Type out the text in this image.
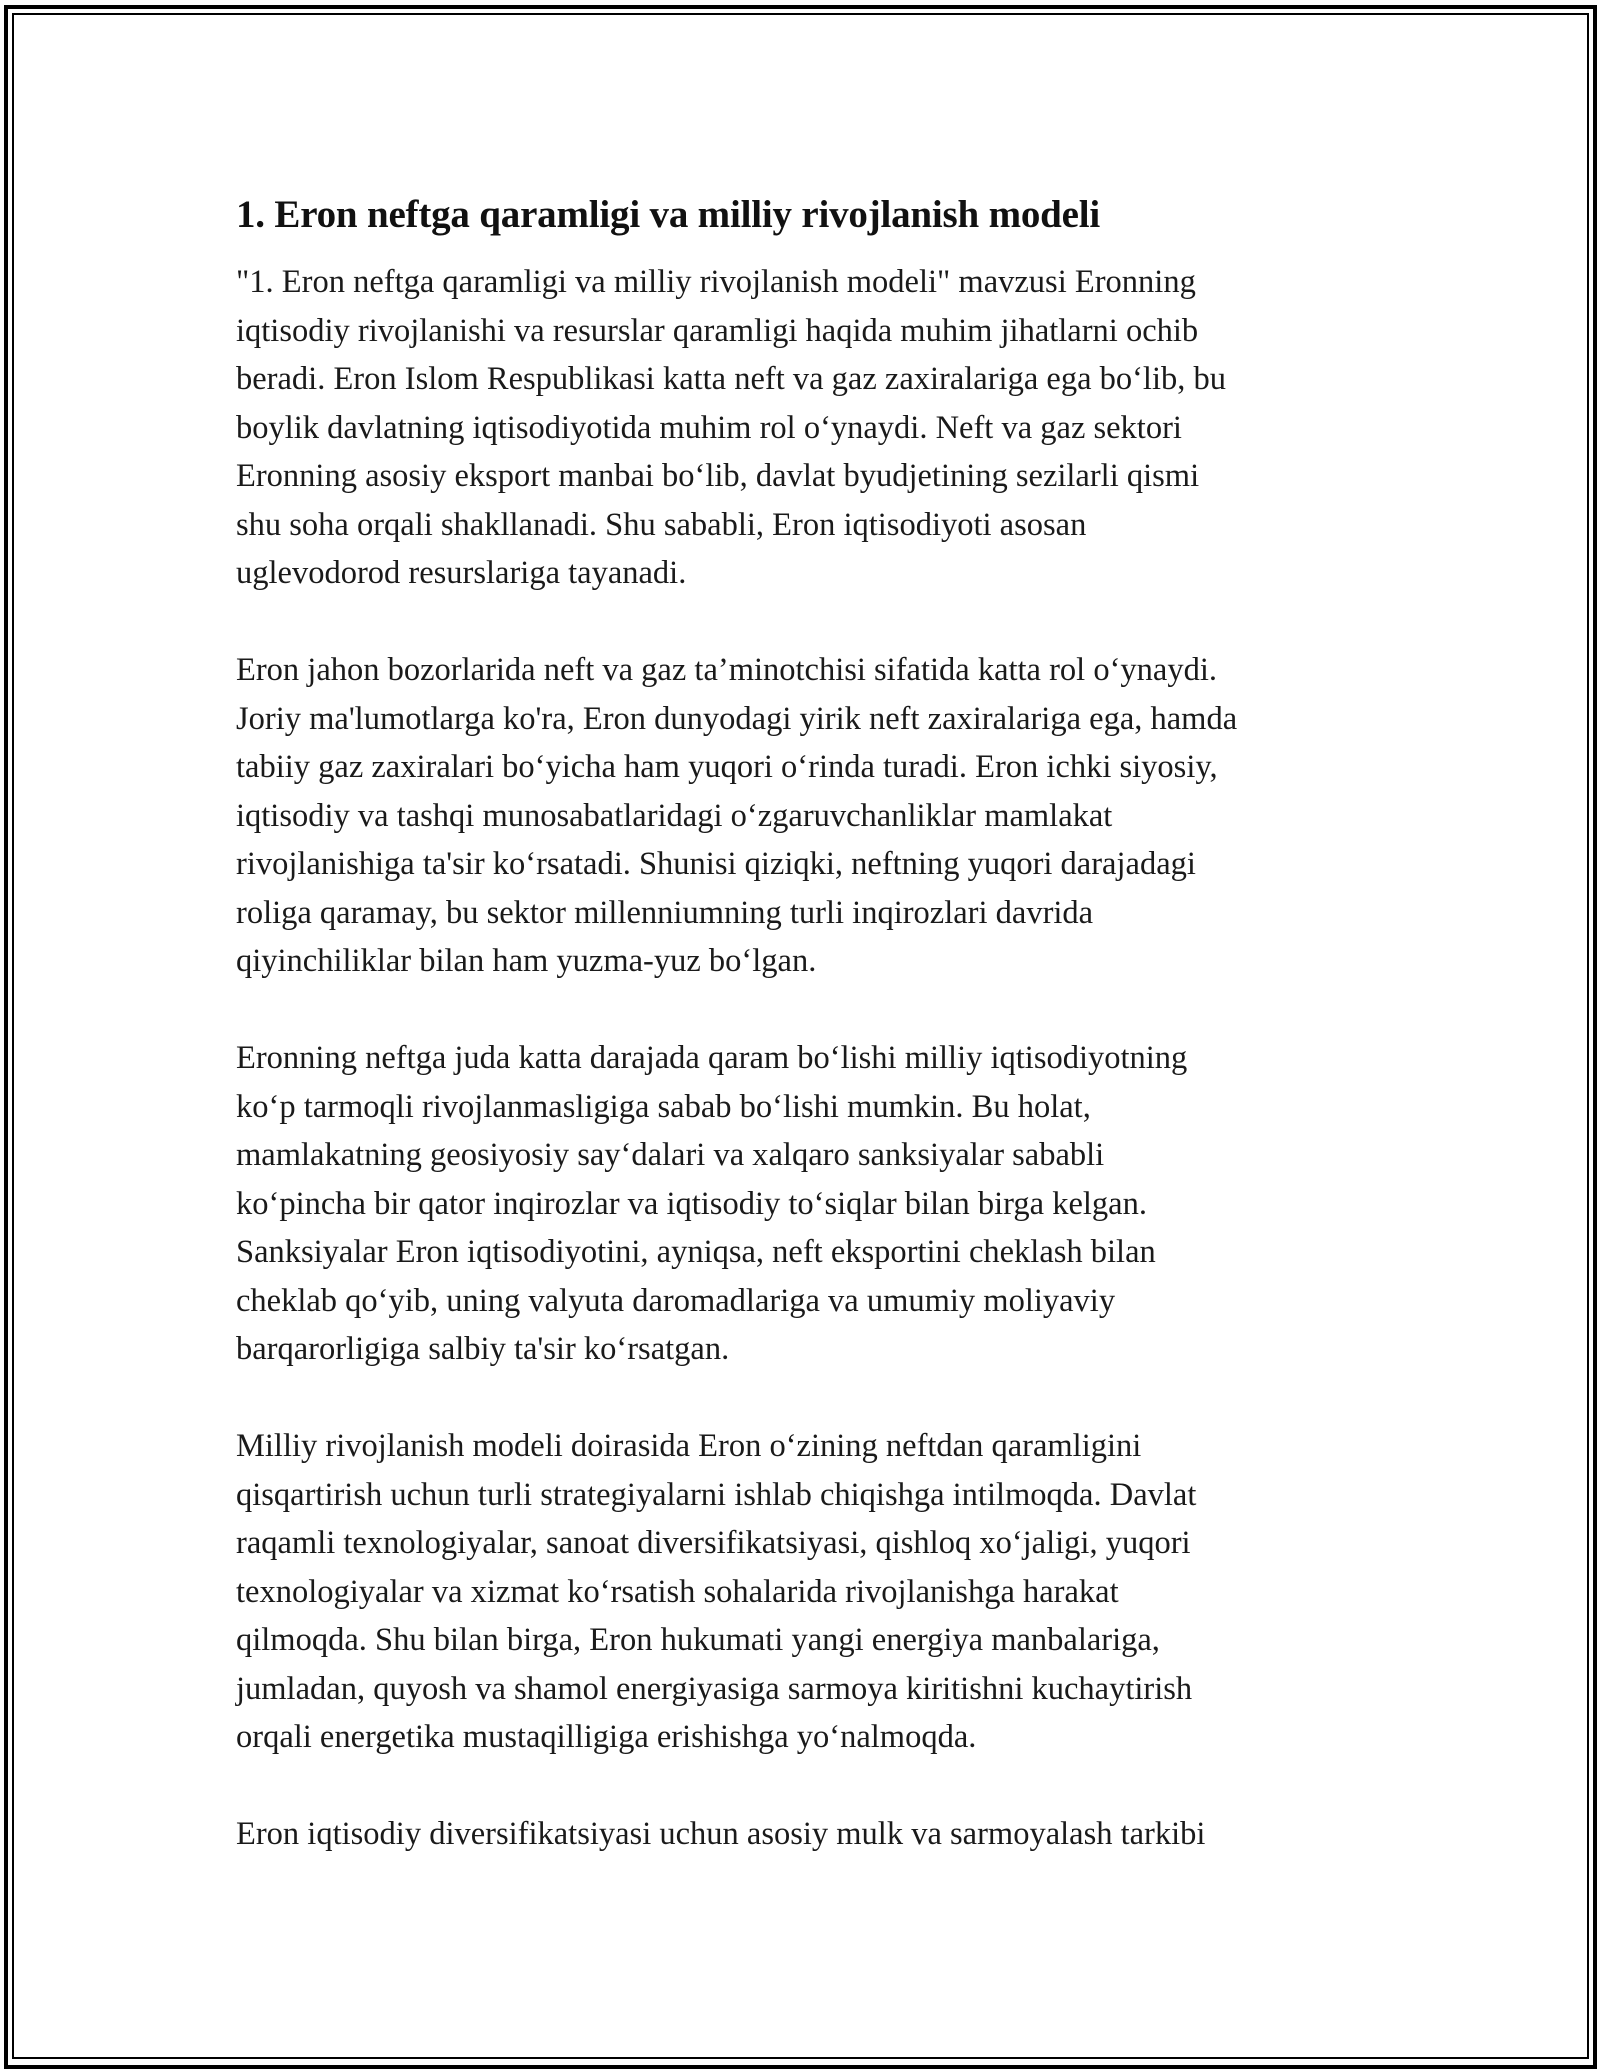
1. Eron neftga qaramligi va milliy rivojlanish modeli
"1. Eron neftga qaramligi va milliy rivojlanish modeli" mavzusi Eronning
iqtisodiy rivojlanishi va resurslar qaramligi haqida muhim jihatlarni ochib
beradi. Eron Islom Respublikasi katta neft va gaz zaxiralariga ega bo‘lib, bu
boylik davlatning iqtisodiyotida muhim rol o‘ynaydi. Neft va gaz sektori
Eronning asosiy eksport manbai bo‘lib, davlat byudjetining sezilarli qismi
shu soha orqali shakllanadi. Shu sababli, Eron iqtisodiyoti asosan
uglevodorod resurslariga tayanadi.
Eron jahon bozorlarida neft va gaz ta’minotchisi sifatida katta rol o‘ynaydi.
Joriy ma'lumotlarga ko'ra, Eron dunyodagi yirik neft zaxiralariga ega, hamda
tabiiy gaz zaxiralari bo‘yicha ham yuqori o‘rinda turadi. Eron ichki siyosiy,
iqtisodiy va tashqi munosabatlaridagi o‘zgaruvchanliklar mamlakat
rivojlanishiga ta'sir ko‘rsatadi. Shunisi qiziqki, neftning yuqori darajadagi
roliga qaramay, bu sektor millenniumning turli inqirozlari davrida
qiyinchiliklar bilan ham yuzma-yuz bo‘lgan.
Eronning neftga juda katta darajada qaram bo‘lishi milliy iqtisodiyotning
ko‘p tarmoqli rivojlanmasligiga sabab bo‘lishi mumkin. Bu holat,
mamlakatning geosiyosiy say‘dalari va xalqaro sanksiyalar sababli
ko‘pincha bir qator inqirozlar va iqtisodiy to‘siqlar bilan birga kelgan.
Sanksiyalar Eron iqtisodiyotini, ayniqsa, neft eksportini cheklash bilan
cheklab qo‘yib, uning valyuta daromadlariga va umumiy moliyaviy
barqarorligiga salbiy ta'sir ko‘rsatgan.
Milliy rivojlanish modeli doirasida Eron o‘zining neftdan qaramligini
qisqartirish uchun turli strategiyalarni ishlab chiqishga intilmoqda. Davlat
raqamli texnologiyalar, sanoat diversifikatsiyasi, qishloq xo‘jaligi, yuqori
texnologiyalar va xizmat ko‘rsatish sohalarida rivojlanishga harakat
qilmoqda. Shu bilan birga, Eron hukumati yangi energiya manbalariga,
jumladan, quyosh va shamol energiyasiga sarmoya kiritishni kuchaytirish
orqali energetika mustaqilligiga erishishga yo‘nalmoqda.
Eron iqtisodiy diversifikatsiyasi uchun asosiy mulk va sarmoyalash tarkibi
